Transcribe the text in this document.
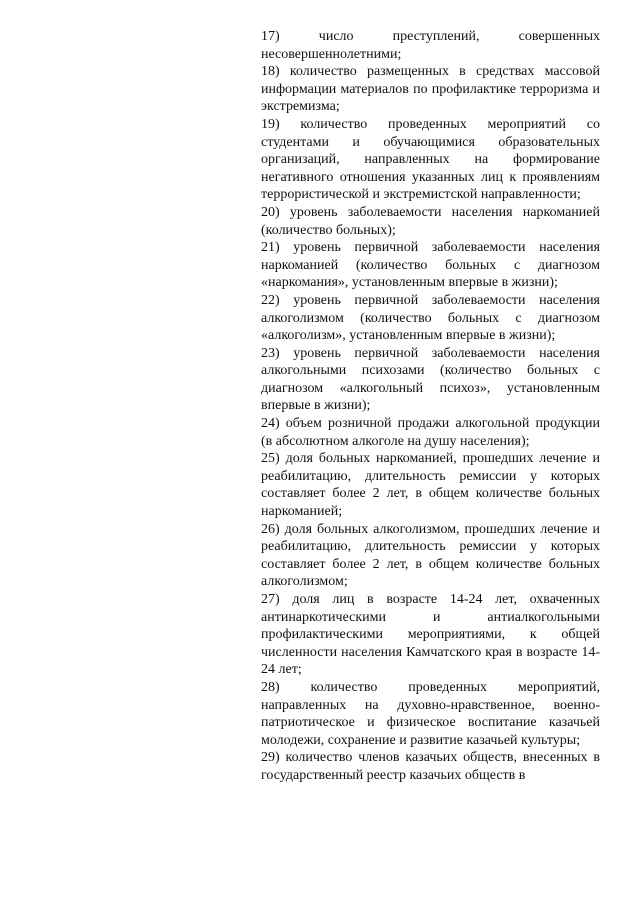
17) число преступлений, совершенных несовершеннолетними;

18) количество размещенных в средствах массовой информации материалов по профилактике терроризма и экстремизма;

19) количество проведенных мероприятий со студентами и обучающимися образовательных организаций, направленных на формирование негативного отношения указанных лиц к проявлениям террористической и экстремистской направленности;

20) уровень заболеваемости населения наркоманией (количество больных);

21) уровень первичной заболеваемости населения наркоманией (количество больных с диагнозом «наркомания», установленным впервые в жизни);

22) уровень первичной заболеваемости населения алкоголизмом (количество больных с диагнозом «алкоголизм», установленным впервые в жизни);

23) уровень первичной заболеваемости населения алкогольными психозами (количество больных с диагнозом «алкогольный психоз», установленным впервые в жизни);

24) объем розничной продажи алкогольной продукции (в абсолютном алкоголе на душу населения);

25) доля больных наркоманией, прошедших лечение и реабилитацию, длительность ремиссии у которых составляет более 2 лет, в общем количестве больных наркоманией;

26) доля больных алкоголизмом, прошедших лечение и реабилитацию, длительность ремиссии у которых составляет более 2 лет, в общем количестве больных алкоголизмом;

27) доля лиц в возрасте 14-24 лет, охваченных антинаркотическими и антиалкогольными профилактическими мероприятиями, к общей численности населения Камчатского края в возрасте 14-24 лет;

28) количество проведенных мероприятий, направленных на духовно-нравственное, военно-патриотическое и физическое воспитание казачьей молодежи, сохранение и развитие казачьей культуры;

29) количество членов казачьих обществ, внесенных в государственный реестр казачьих обществ в
